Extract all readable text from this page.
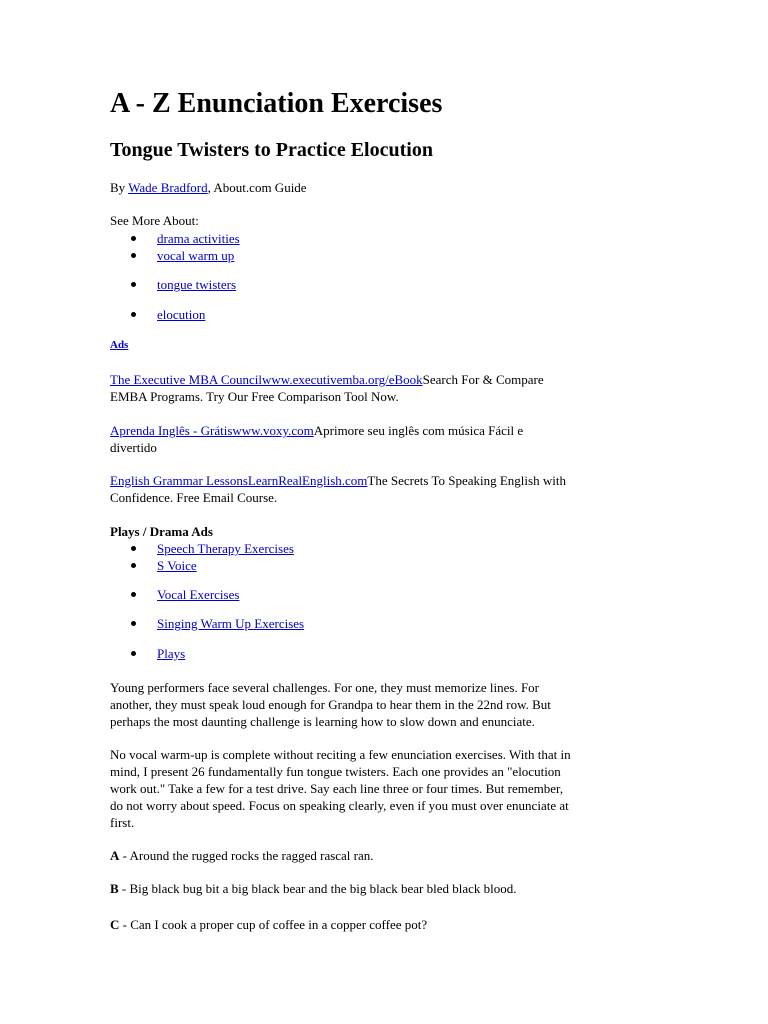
A - Z Enunciation Exercises
Tongue Twisters to Practice Elocution
By Wade Bradford, About.com Guide
See More About:
drama activities
vocal warm up
tongue twisters
elocution
Ads
The Executive MBA Councilwww.executivemba.org/eBookSearch For & Compare
EMBA Programs. Try Our Free Comparison Tool Now.
Aprenda Inglês - Grátiswww.voxy.comAprimore seu inglês com música Fácil e
divertido
English Grammar LessonsLearnRealEnglish.comThe Secrets To Speaking English with
Confidence. Free Email Course.
Plays / Drama Ads
Speech Therapy Exercises
S Voice
Vocal Exercises
Singing Warm Up Exercises
Plays
Young performers face several challenges. For one, they must memorize lines. For
another, they must speak loud enough for Grandpa to hear them in the 22nd row. But
perhaps the most daunting challenge is learning how to slow down and enunciate.
No vocal warm-up is complete without reciting a few enunciation exercises. With that in
mind, I present 26 fundamentally fun tongue twisters. Each one provides an "elocution
work out." Take a few for a test drive. Say each line three or four times. But remember,
do not worry about speed. Focus on speaking clearly, even if you must over enunciate at
first.
A - Around the rugged rocks the ragged rascal ran.
B - Big black bug bit a big black bear and the big black bear bled black blood.
C - Can I cook a proper cup of coffee in a copper coffee pot?
